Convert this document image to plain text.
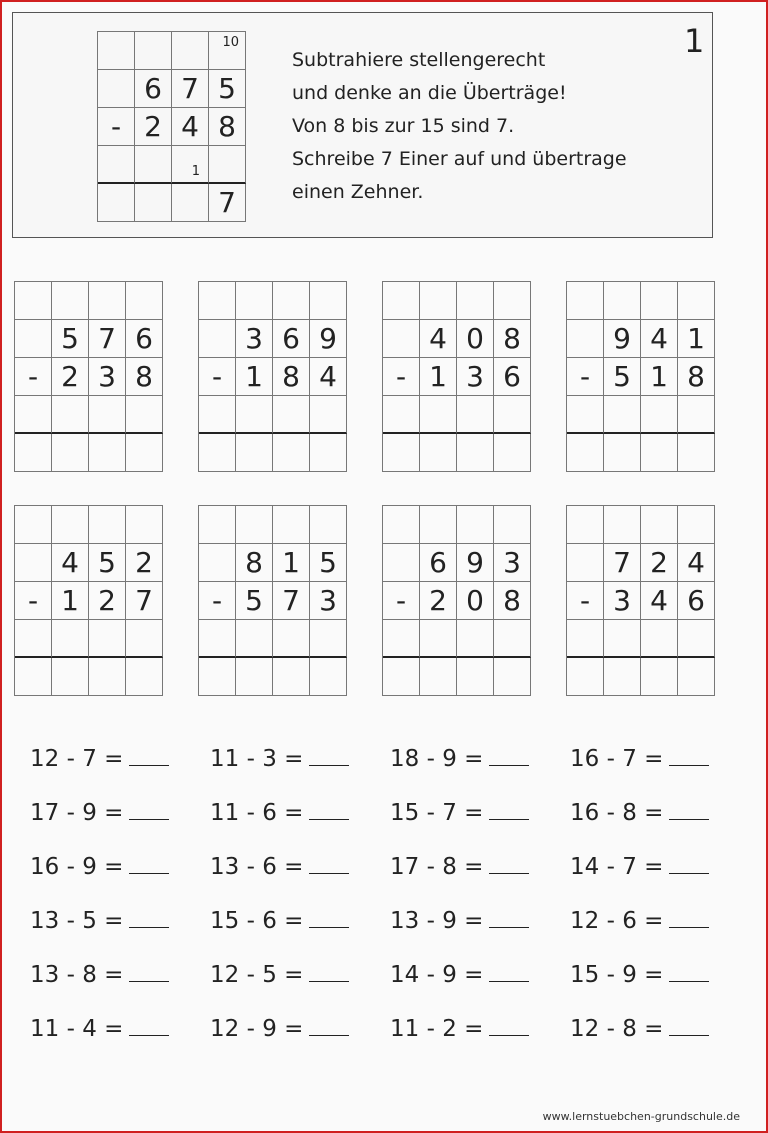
10
6 7 5
- 2 4 8
1
7
Subtrahiere stellengerecht
und denke an die Überträge!
Von 8 bis zur 15 sind 7.
Schreibe 7 Einer auf und übertrage
einen Zehner.
1
5 7 6
- 2 3 8
3 6 9
- 1 8 4
4 0 8
- 1 3 6
9 4 1
- 5 1 8
4 5 2
- 1 2 7
8 1 5
- 5 7 3
6 9 3
- 2 0 8
7 2 4
- 3 4 6
12 - 7 =	11 - 3 =	18 - 9 =	16 - 7 =
17 - 9 =	11 - 6 =	15 - 7 =	16 - 8 =
16 - 9 =	13 - 6 =	17 - 8 =	14 - 7 =
13 - 5 =	15 - 6 =	13 - 9 =	12 - 6 =
13 - 8 =	12 - 5 =	14 - 9 =	15 - 9 =
11 - 4 =	12 - 9 =	11 - 2 =	12 - 8 =
www.lernstuebchen-grundschule.de
